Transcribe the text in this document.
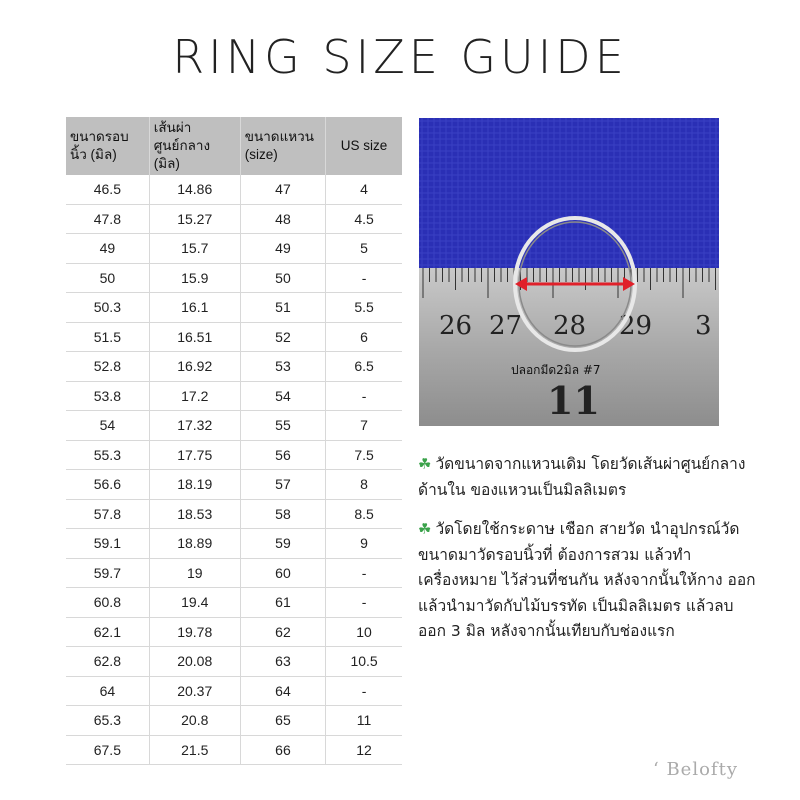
RING SIZE GUIDE
ขนาดรอบนิ้ว (มิล)	เส้นผ่าศูนย์กลาง (มิล)	ขนาดแหวน (size)	US size
46.5	14.86	47	4
47.8	15.27	48	4.5
49	15.7	49	5
50	15.9	50	-
50.3	16.1	51	5.5
51.5	16.51	52	6
52.8	16.92	53	6.5
53.8	17.2	54	-
54	17.32	55	7
55.3	17.75	56	7.5
56.6	18.19	57	8
57.8	18.53	58	8.5
59.1	18.89	59	9
59.7	19	60	-
60.8	19.4	61	-
62.1	19.78	62	10
62.8	20.08	63	10.5
64	20.37	64	-
65.3	20.8	65	11
67.5	21.5	66	12
26 27 28 29 3
ปลอกมีด2มิล #7
11

☘ วัดขนาดจากแหวนเดิม โดยวัดเส้นผ่าศูนย์กลางด้านใน ของแหวนเป็นมิลลิเมตร

☘ วัดโดยใช้กระดาษ เชือก สายวัด นำอุปกรณ์วัดขนาดมาวัดรอบนิ้วที่ ต้องการสวม แล้วทำเครื่องหมาย ไว้ส่วนที่ชนกัน หลังจากนั้นให้กาง ออกแล้วนำมาวัดกับไม้บรรทัด เป็นมิลลิเมตร แล้วลบออก 3 มิล หลังจากนั้นเทียบกับช่องแรก

‘ Belofty
